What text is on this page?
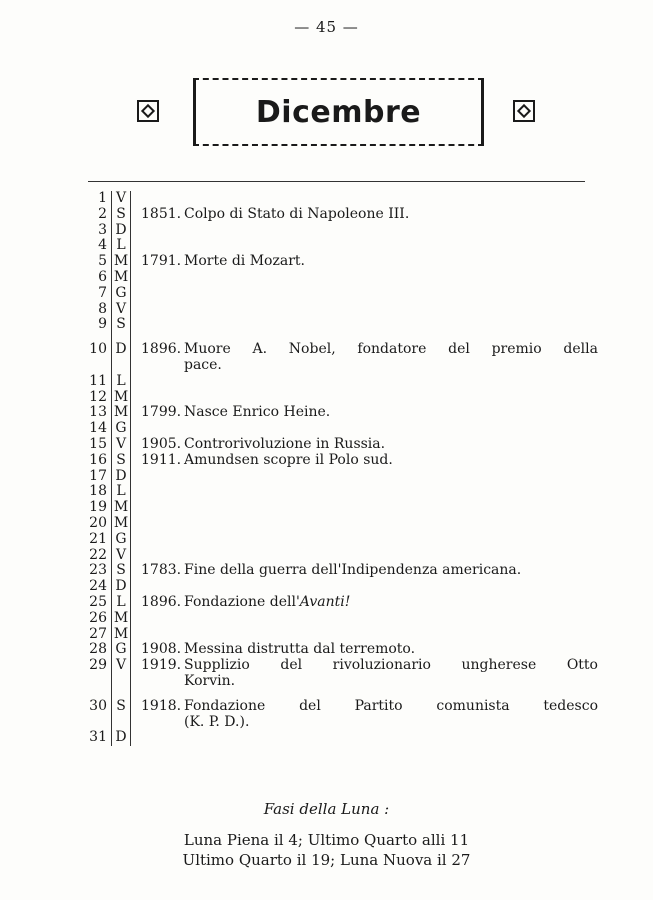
— 45 —
Dicembre
1	V	
2	S	1851. Colpo di Stato di Napoleone III.

3	D	
4	L	
5	M	1791. Morte di Mozart.

6	M	
7	G	
8	V	
9	S	
10	D	1896. Muore A. Nobel, fondatore del premio della
pace.

11	L	
12	M	
13	M	1799. Nasce Enrico Heine.

14	G	
15	V	1905. Controrivoluzione in Russia.

16	S	1911. Amundsen scopre il Polo sud.

17	D	
18	L	
19	M	
20	M	
21	G	
22	V	
23	S	1783. Fine della guerra dell'Indipendenza americana.

24	D	
25	L	1896. Fondazione dell'Avanti!

26	M	
27	M	
28	G	1908. Messina distrutta dal terremoto.

29	V	1919. Supplizio del rivoluzionario ungherese Otto
Korvin.

30	S	1918. Fondazione del Partito comunista tedesco
(K. P. D.).

31	D	
Fasi della Luna :
Luna Piena il 4; Ultimo Quarto alli 11
Ultimo Quarto il 19; Luna Nuova il 27
